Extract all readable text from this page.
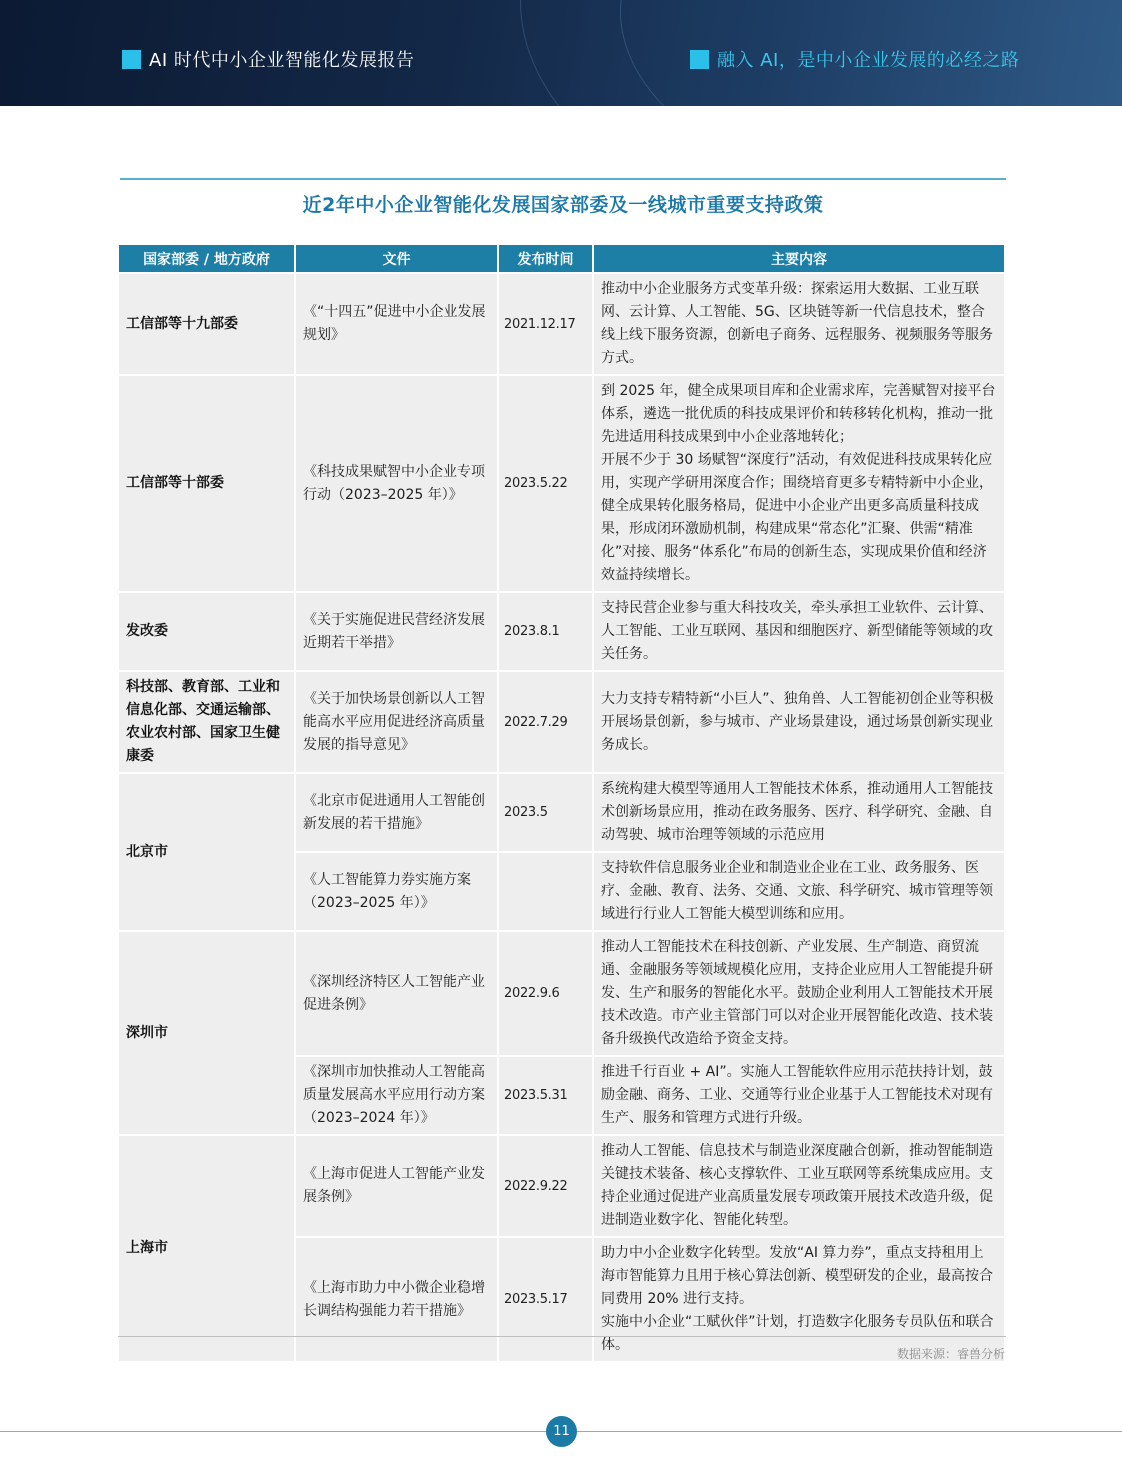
AI 时代中小企业智能化发展报告	融入 AI，是中小企业发展的必经之路
近2年中小企业智能化发展国家部委及一线城市重要支持政策
国家部委 / 地方政府	文件	发布时间	主要内容
工信部等十九部委	《“十四五”促进中小企业发展规划》	2021.12.17	推动中小企业服务方式变革升级：探索运用大数据、工业互联网、云计算、人工智能、5G、区块链等新一代信息技术，整合线上线下服务资源，创新电子商务、远程服务、视频服务等服务方式。

工信部等十部委	《科技成果赋智中小企业专项行动（2023–2025 年）》	2023.5.22	到 2025 年，健全成果项目库和企业需求库，完善赋智对接平台体系，遴选一批优质的科技成果评价和转移转化机构，推动一批先进适用科技成果到中小企业落地转化；
开展不少于 30 场赋智“深度行”活动，有效促进科技成果转化应用，实现产学研用深度合作；围绕培育更多专精特新中小企业，健全成果转化服务格局，促进中小企业产出更多高质量科技成果，形成闭环激励机制，构建成果“常态化”汇聚、供需“精准化”对接、服务“体系化”布局的创新生态，实现成果价值和经济效益持续增长。

发改委	《关于实施促进民营经济发展近期若干举措》	2023.8.1	支持民营企业参与重大科技攻关，牵头承担工业软件、云计算、人工智能、工业互联网、基因和细胞医疗、新型储能等领域的攻关任务。

科技部、教育部、工业和信息化部、交通运输部、农业农村部、国家卫生健康委	《关于加快场景创新以人工智能高水平应用促进经济高质量发展的指导意见》	2022.7.29	大力支持专精特新“小巨人”、独角兽、人工智能初创企业等积极开展场景创新，参与城市、产业场景建设，通过场景创新实现业务成长。

北京市	《北京市促进通用人工智能创新发展的若干措施》	2023.5	系统构建大模型等通用人工智能技术体系，推动通用人工智能技术创新场景应用，推动在政务服务、医疗、科学研究、金融、自动驾驶、城市治理等领域的示范应用

	《人工智能算力券实施方案（2023–2025 年）》		支持软件信息服务业企业和制造业企业在工业、政务服务、医疗、金融、教育、法务、交通、文旅、科学研究、城市管理等领域进行行业人工智能大模型训练和应用。

深圳市	《深圳经济特区人工智能产业促进条例》	2022.9.6	推动人工智能技术在科技创新、产业发展、生产制造、商贸流通、金融服务等领域规模化应用，支持企业应用人工智能提升研发、生产和服务的智能化水平。鼓励企业利用人工智能技术开展技术改造。市产业主管部门可以对企业开展智能化改造、技术装备升级换代改造给予资金支持。

	《深圳市加快推动人工智能高质量发展高水平应用行动方案（2023–2024 年）》	2023.5.31	推进千行百业 + AI”。实施人工智能软件应用示范扶持计划，鼓励金融、商务、工业、交通等行业企业基于人工智能技术对现有生产、服务和管理方式进行升级。

上海市	《上海市促进人工智能产业发展条例》	2022.9.22	推动人工智能、信息技术与制造业深度融合创新，推动智能制造关键技术装备、核心支撑软件、工业互联网等系统集成应用。支持企业通过促进产业高质量发展专项政策开展技术改造升级，促进制造业数字化、智能化转型。

	《上海市助力中小微企业稳增长调结构强能力若干措施》	2023.5.17	助力中小企业数字化转型。发放“AI 算力券”，重点支持租用上海市智能算力且用于核心算法创新、模型研发的企业，最高按合同费用 20% 进行支持。
实施中小企业“工赋伙伴”计划，打造数字化服务专员队伍和联合体。
数据来源：睿兽分析
11
